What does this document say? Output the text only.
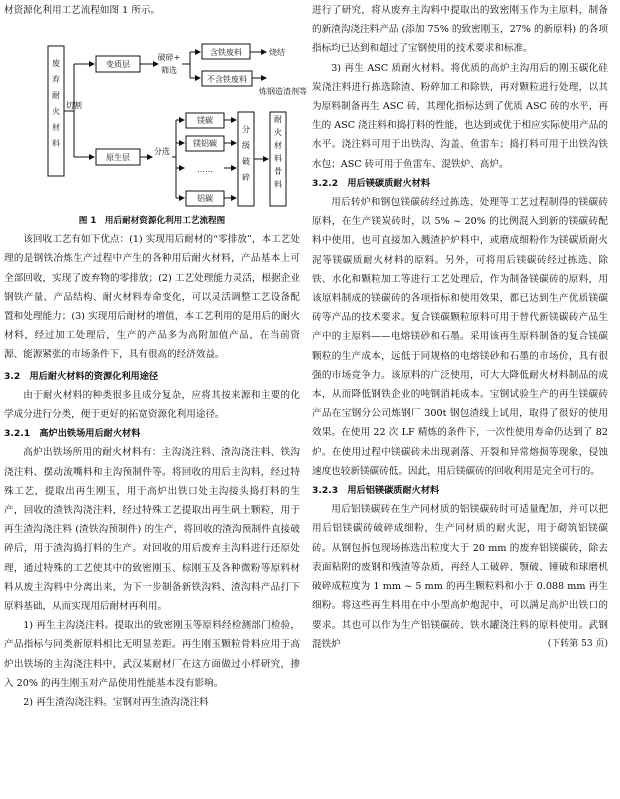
材资源化利用工艺流程如图 1 所示。

废弃耐火材料
切割
变质层
破碎+
筛选
含铁废料
不含铁废料
烧结
炼钢造渣剂等
原生层
分选
镁碳
镁铝碳
……
铝碳
分级破碎
耐火材料骨料

图 1　用后耐材资源化利用工艺流程图

该回收工艺有如下优点：(1) 实现用后耐材的“零排放”，本工艺处理的是钢铁冶炼生产过程中产生的各种用后耐火材料，产品基本上可全部回收，实现了废弃物的零排放；(2) 工艺处理能力灵活，根据企业钢铁产量、产品结构、耐火材料寿命变化，可以灵活调整工艺设备配置和处理能力；(3) 实现用后耐材的增值，本工艺利用的是用后的耐火材料，经过加工处理后，生产的产品多为高附加值产品，在当前资源、能源紧张的市场条件下，具有很高的经济效益。

3.2　用后耐火材料的资源化利用途径

由于耐火材料的种类很多且成分复杂，应将其按来源和主要的化学成分进行分类，便于更好的拓宽资源化利用途径。

3.2.1　高炉出铁场用后耐火材料

高炉出铁场所用的耐火材料有：主沟浇注料、渣沟浇注料、铁沟浇注料、摆动流嘴料和主沟预制件等。将回收的用后主沟料，经过特殊工艺，提取出再生刚玉，用于高炉出铁口处主沟接头捣打料的生产，回收的渣铁沟浇注料，经过特殊工艺提取出再生矾土颗粒，用于再生渣沟浇注料 (渣铁沟预制件) 的生产，将回收的渣沟预制件直接破碎后，用于渣沟捣打料的生产。对回收的用后废弃主沟料进行还原处理，通过特殊的工艺使其中的致密刚玉、棕刚玉及各种微粉等原料材料从废主沟料中分离出来，为下一步制备新铁沟料、渣沟料产品打下原料基础，从而实现用后耐材再利用。

1) 再生主沟浇注料。提取出的致密刚玉等原料经检测部门检验，产品指标与同类新原料相比无明显差距。再生刚玉颗粒骨料应用于高炉出铁场的主沟浇注料中，武汉某耐材厂在这方面做过小样研究，掺入 20% 的再生刚玉对产品使用性能基本没有影响。

2) 再生渣沟浇注料。宝钢对再生渣沟浇注料

进行了研究，将从废弃主沟料中提取出的致密刚玉作为主原料，制备的新渣沟浇注料产品 (添加 75% 的致密刚玉，27% 的新原料) 的各项指标均已达到和超过了宝钢使用的技术要求和标准。

3) 再生 ASC 质耐火材料。将优质的高炉主沟用后的刚玉碳化硅炭浇注料进行拣选除渣、粉碎加工和除铁，再对颗粒进行处理，以其为原料制备再生 ASC 砖，其理化指标达到了优质 ASC 砖的水平，再生的 ASC 浇注料和捣打料的性能，也达到或优于相应实际使用产品的水平。浇注料可用于出铁沟、沟盖、鱼雷车；捣打料可用于出铁沟铁水包；ASC 砖可用于鱼雷车、混铁炉、高炉。

3.2.2　用后镁碳质耐火材料

用后转炉和钢包镁碳砖经过拣选、处理等工艺过程制得的镁碳砖原料，在生产镁炭砖时，以 5% ~ 20% 的比例混入到新的镁碳砖配料中使用，也可直接加入溅渣护炉料中，或磨成细粉作为镁碳质耐火泥等镁碳质耐火材料的原料。另外，可将用后镁碳砖经过拣选、除铁、水化和颗粒加工等进行工艺处理后，作为制备镁碳砖的原料，用该原料制成的镁碳砖的各项指标和使用效果，都已达到生产优质镁碳砖等产品的技术要求。复合镁碳颗粒原料可用于替代新镁碳砖产品生产中的主原料——电熔镁砂和石墨。采用该再生原料制备的复合镁碳颗粒的生产成本，远低于同规格的电熔镁砂和石墨的市场价，具有很强的市场竞争力。该原料的广泛使用，可大大降低耐火材料制品的成本，从而降低钢铁企业的吨钢消耗成本。宝钢试验生产的再生镁碳砖产品在宝钢分公司炼钢厂 300t 钢包渣线上试用，取得了很好的使用效果。在使用 22 次 LF 精炼的条件下，一次性使用寿命仍达到了 82 炉。在使用过程中镁碳砖未出现剥落、开裂和异常熔损等现象，侵蚀速度也较新镁碳砖低。因此，用后镁碳砖的回收利用是完全可行的。

3.2.3　用后铝镁碳质耐火材料

用后铝镁碳砖在生产同材质的铝镁碳砖时可适量配加，并可以把用后铝镁碳砖破碎成细粉，生产同材质的耐火泥，用于砌筑铝镁碳砖。从钢包拆包现场拣选出粒度大于 20 mm 的废弃铝镁碳砖，除去表面粘附的废钢和残渣等杂质，再经人工破碎、颚破、锤破和球磨机破碎成粒度为 1 mm ~ 5 mm 的再生颗粒料和小于 0.088 mm 再生细粉。将这些再生料用在中小型高炉炮泥中，可以满足高炉出铁口的要求。其也可以作为生产铝镁碳砖、铁水罐浇注料的原料使用。武钢混铁炉	(下转第 53 页)
